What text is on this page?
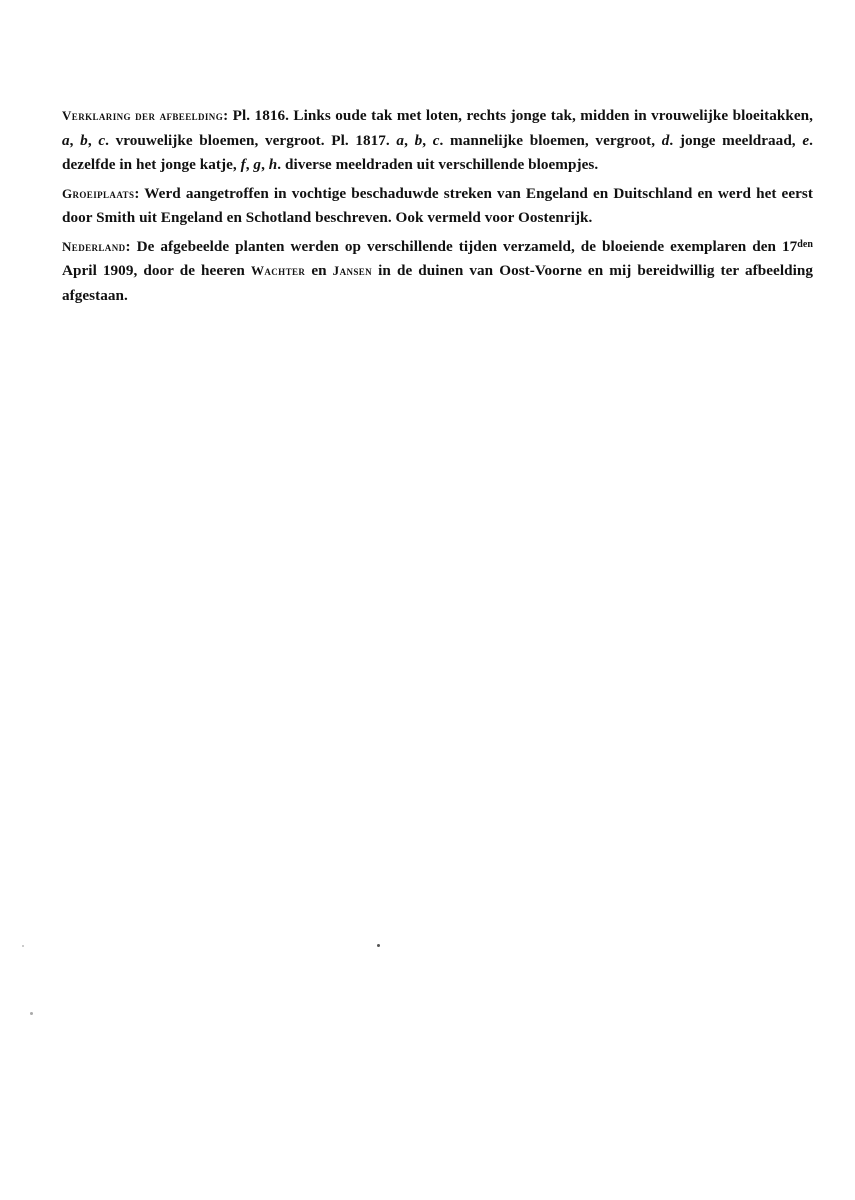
Verklaring der afbeelding: Pl. 1816. Links oude tak met loten, rechts jonge tak, midden in vrouwelijke bloeitakken, a, b, c. vrouwelijke bloemen, vergroot. Pl. 1817. a, b, c. mannelijke bloemen, vergroot, d. jonge meeldraad, e. dezelfde in het jonge katje, f, g, h. diverse meeldraden uit verschillende bloempjes.

Groeiplaats: Werd aangetroffen in vochtige beschaduwde streken van Engeland en Duitschland en werd het eerst door Smith uit Engeland en Schotland beschreven. Ook vermeld voor Oostenrijk.

Nederland: De afgebeelde planten werden op verschillende tijden verzameld, de bloeiende exemplaren den $17^{den}$ April 1909, door de heeren Wachter en Jansen in de duinen van Oost-Voorne en mij bereidwillig ter afbeelding afgestaan.
